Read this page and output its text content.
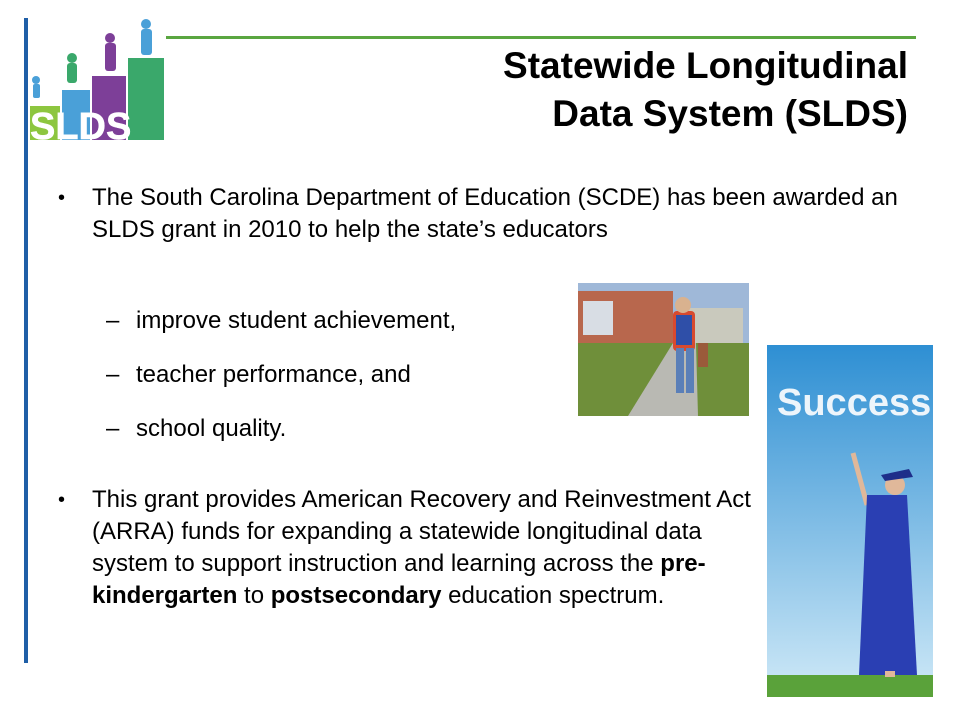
SLDS
Statewide Longitudinal
Data System (SLDS)
•	The South Carolina Department of Education (SCDE) has been awarded an SLDS grant in 2010 to help the state’s educators
– improve student achievement,
– teacher performance, and
– school quality.
•	This grant provides American Recovery and Reinvestment Act (ARRA) funds for expanding a statewide longitudinal data system to support instruction and learning across the pre-kindergarten to postsecondary education spectrum.
Success
